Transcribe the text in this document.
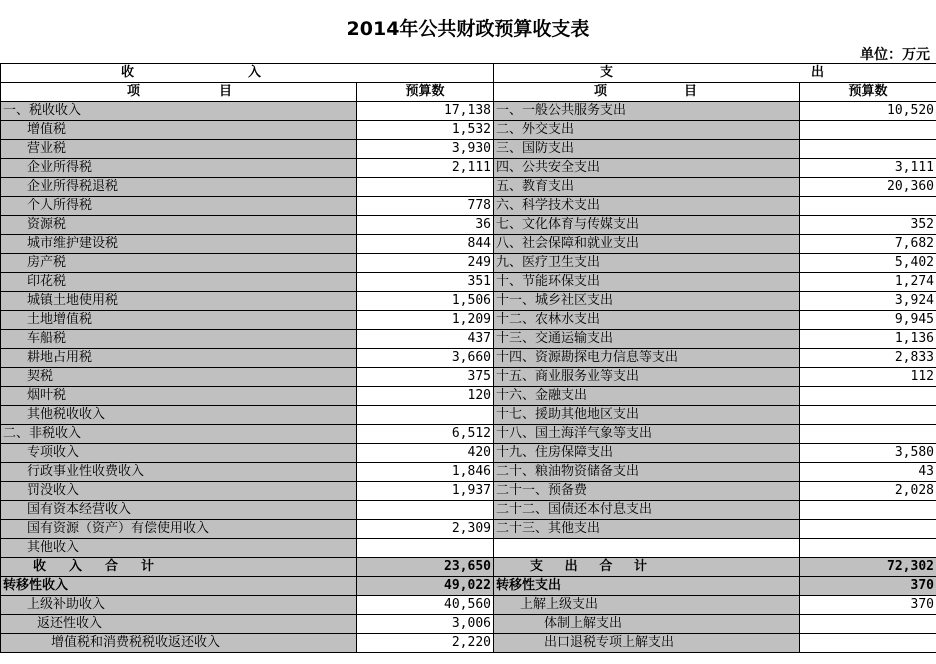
2014年公共财政预算收支表
单位：万元
收 入		支 出	

项 目	预算数	项 目	预算数
一、税收收入	17,138	一、一般公共服务支出	10,520
增值税	1,532	二、外交支出	
营业税	3,930	三、国防支出	
企业所得税	2,111	四、公共安全支出	3,111
企业所得税退税		五、教育支出	20,360
个人所得税	778	六、科学技术支出	
资源税	36	七、文化体育与传媒支出	352
城市维护建设税	844	八、社会保障和就业支出	7,682
房产税	249	九、医疗卫生支出	5,402
印花税	351	十、节能环保支出	1,274
城镇土地使用税	1,506	十一、城乡社区支出	3,924
土地增值税	1,209	十二、农林水支出	9,945
车船税	437	十三、交通运输支出	1,136
耕地占用税	3,660	十四、资源勘探电力信息等支出	2,833
契税	375	十五、商业服务业等支出	112
烟叶税	120	十六、金融支出	
其他税收收入		十七、援助其他地区支出	
二、非税收入	6,512	十八、国土海洋气象等支出	
专项收入	420	十九、住房保障支出	3,580
行政事业性收费收入	1,846	二十、粮油物资储备支出	43
罚没收入	1,937	二十一、预备费	2,028
国有资本经营收入		二十二、国债还本付息支出	
国有资源（资产）有偿使用收入	2,309	二十三、其他支出	
其他收入			

收 入 合 计	23,650	支 出 合 计	72,302
转移性收入	49,022	转移性支出	370
上级补助收入	40,560	上解上级支出	370
返还性收入	3,006	体制上解支出	
增值税和消费税税收返还收入	2,220	出口退税专项上解支出	
